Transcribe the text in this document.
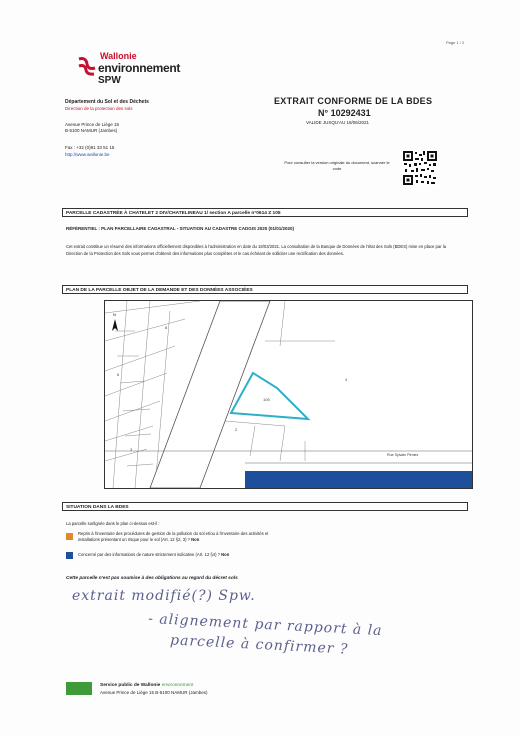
Page 1 / 2
Wallonie
environnement
SPW
Département du Sol et des Déchets
Direction de la protection des sols
Avenue Prince de Liège 15
B-5100 NAMUR (Jambes)
Fax : +32 (0)81 33 51 15
http://www.wallonie.be
EXTRAIT CONFORME DE LA BDES
N° 10292431
VALIDE JUSQU'AU 18/06/2021
Pour consulter la version originale du document, scanner le code
PARCELLE CADASTRÉE À CHATELET 2 DIV/CHATELINEAU 1/ section A parcelle n°0614 Z 105
RÉFÉRENTIEL : PLAN PARCELLAIRE CADASTRAL - SITUATION AU CADASTRE CADGIS 2020 (01/01/2020)
Cet extrait constitue un résumé des informations officiellement disponibles à l'administration en date du 18/03/2021. La consultation de la Banque de Données de l'état des Sols (BDES) mise en place par la Direction de la Protection des Sols vous permet d'obtenir des informations plus complètes et le cas échéant de solliciter une rectification des données.
PLAN DE LA PARCELLE OBJET DE LA DEMANDE ET DES DONNÉES ASSOCIÉES
105
4
8
6
3
2
N
Rue Sylvain Pirmez
SITUATION DANS LA BDES
La parcelle surlignée dans le plan ci-dessus est-il :
Repris à l'inventaire des procédures de gestion de la pollution du sol et/ou à l'inventaire des activités et
installations présentant un risque pour le sol (Art. 12 §2, 3) ? Non
Concerné par des informations de nature strictement indicative (Art. 12 §4) ? Non
Cette parcelle n'est pas soumise à des obligations au regard du décret sols
extrait modifié(?) Spw.
- alignement par rapport à la
parcelle à confirmer ?
Service public de Wallonie environnement
Avenue Prince de Liège 15 B-5100 NAMUR (Jambes)
